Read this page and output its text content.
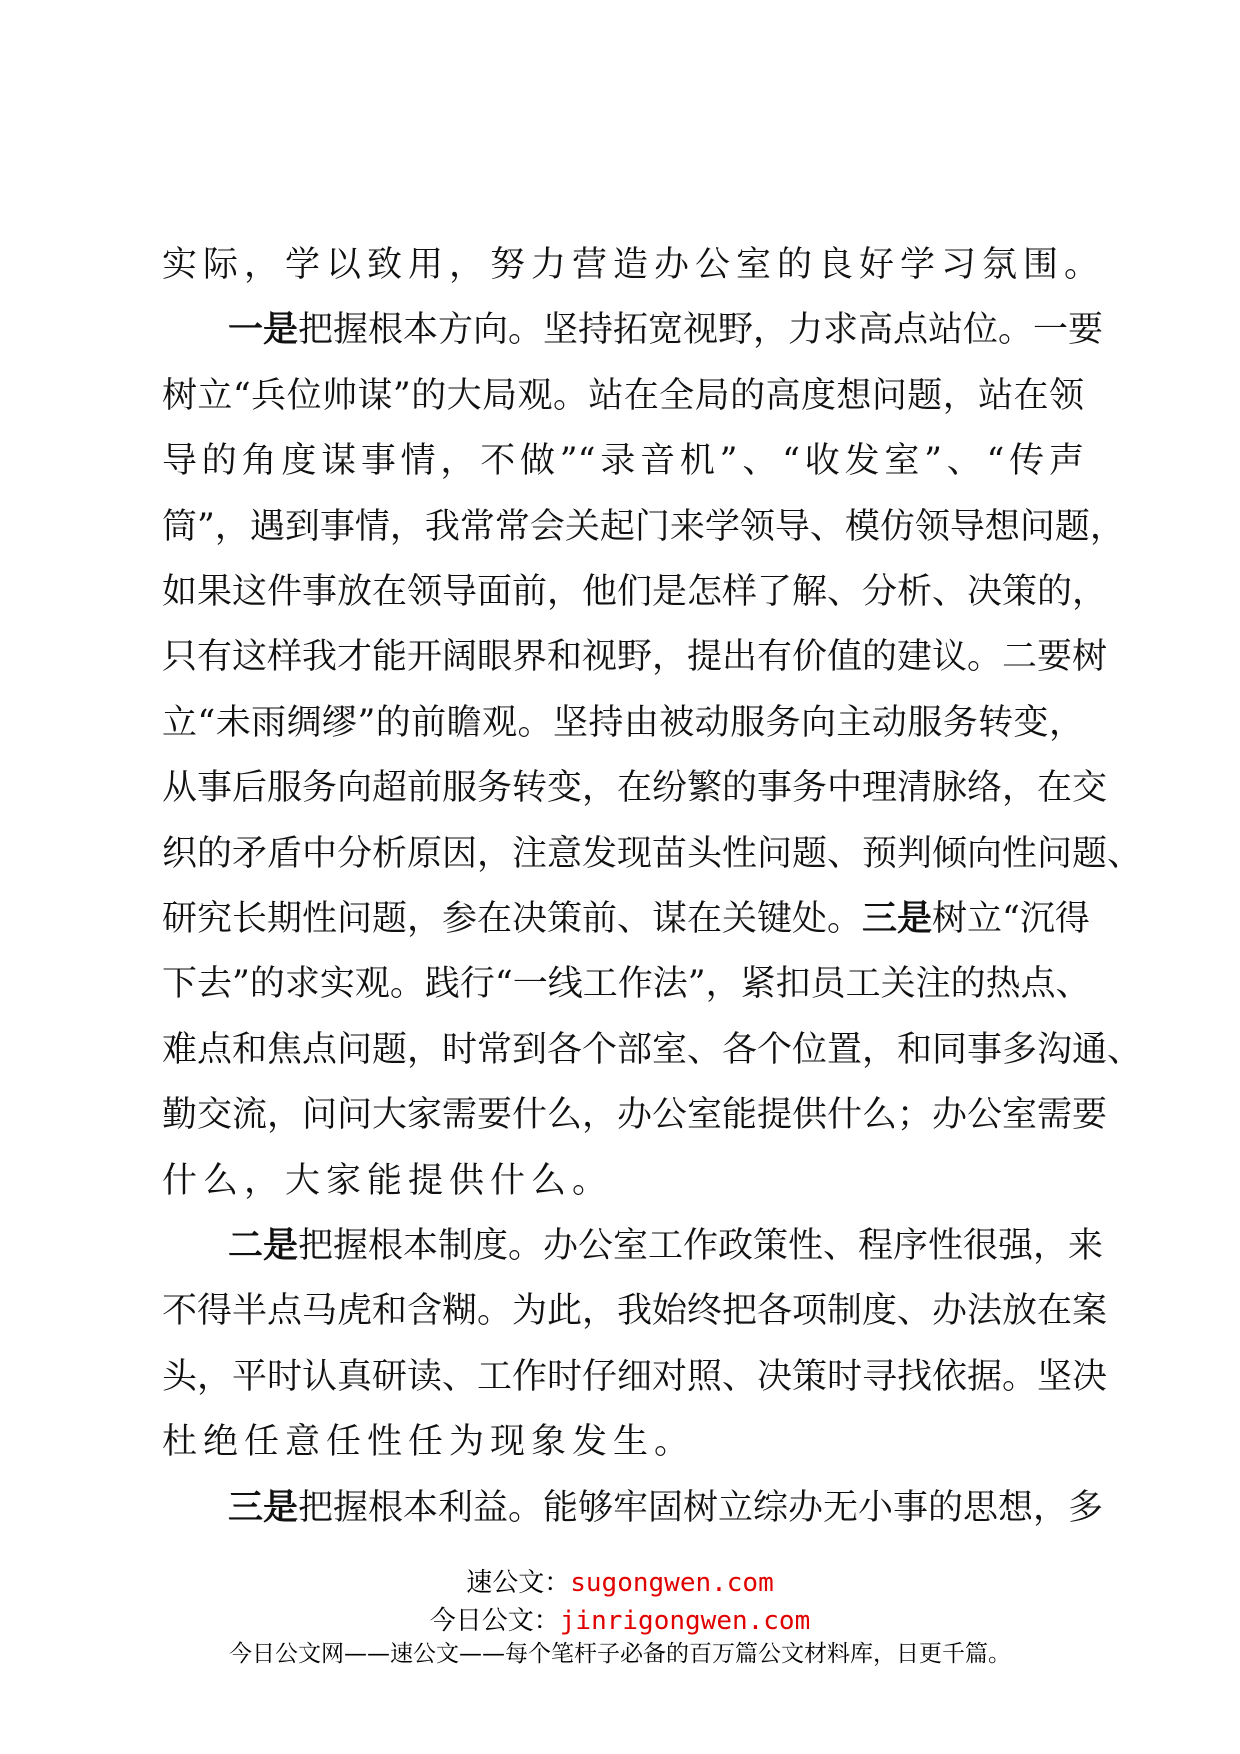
实际，学以致用，努力营造办公室的良好学习氛围。
一是把握根本方向。坚持拓宽视野，力求高点站位。一要
树立“兵位帅谋”的大局观。站在全局的高度想问题，站在领
导的角度谋事情，不做”“录音机”、“收发室”、“传声
筒”，遇到事情，我常常会关起门来学领导、模仿领导想问题，
如果这件事放在领导面前，他们是怎样了解、分析、决策的，
只有这样我才能开阔眼界和视野，提出有价值的建议。二要树
立“未雨绸缪”的前瞻观。坚持由被动服务向主动服务转变，
从事后服务向超前服务转变，在纷繁的事务中理清脉络，在交
织的矛盾中分析原因，注意发现苗头性问题、预判倾向性问题、
研究长期性问题，参在决策前、谋在关键处。三是树立“沉得
下去”的求实观。践行“一线工作法”，紧扣员工关注的热点、
难点和焦点问题，时常到各个部室、各个位置，和同事多沟通、
勤交流，问问大家需要什么，办公室能提供什么；办公室需要
什么，大家能提供什么。
二是把握根本制度。办公室工作政策性、程序性很强，来
不得半点马虎和含糊。为此，我始终把各项制度、办法放在案
头，平时认真研读、工作时仔细对照、决策时寻找依据。坚决
杜绝任意任性任为现象发生。
三是把握根本利益。能够牢固树立综办无小事的思想，多
速公文：sugongwen.com
今日公文：jinrigongwen.com
今日公文网——速公文——每个笔杆子必备的百万篇公文材料库，日更千篇。
